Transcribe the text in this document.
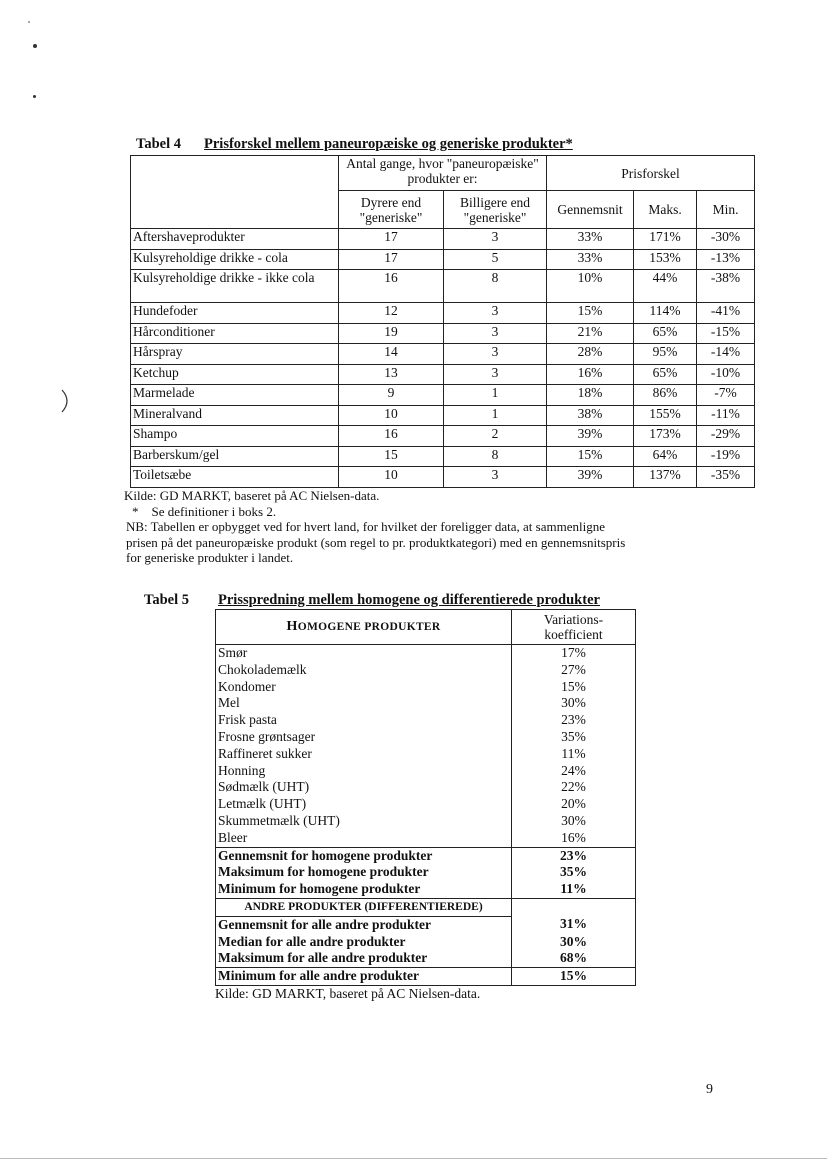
Tabel 4 Prisforskel mellem paneuropæiske og generiske produkter*
	Antal gange, hvor "paneuropæiske" produkter er:		Prisforskel		
	Dyrere end "generiske"	Billigere end "generiske"	Gennemsnit	Maks.	Min.
Aftershaveprodukter	17	3	33%	171%	-30%
Kulsyreholdige drikke - cola	17	5	33%	153%	-13%
Kulsyreholdige drikke - ikke cola	16	8	10%	44%	-38%
Hundefoder	12	3	15%	114%	-41%
Hårconditioner	19	3	21%	65%	-15%
Hårspray	14	3	28%	95%	-14%
Ketchup	13	3	16%	65%	-10%
Marmelade	9	1	18%	86%	-7%
Mineralvand	10	1	38%	155%	-11%
Shampo	16	2	39%	173%	-29%
Barberskum/gel	15	8	15%	64%	-19%
Toiletsæbe	10	3	39%	137%	-35%

Kilde: GD MARKT, baseret på AC Nielsen-data.

*    Se definitioner i boks 2.

NB: Tabellen er opbygget ved for hvert land, for hvilket der foreligger data, at sammenligne

prisen på det paneuropæiske produkt (som regel to pr. produktkategori) med en gennemsnitspris

for generiske produkter i landet.

Tabel 5 Prisspredning mellem homogene og differentierede produkter
HOMOGENE PRODUKTER	Variations-
koefficient
Smør	17%
Chokolademælk	27%
Kondomer	15%
Mel	30%
Frisk pasta	23%
Frosne grøntsager	35%
Raffineret sukker	11%
Honning	24%
Sødmælk (UHT)	22%
Letmælk (UHT)	20%
Skummetmælk (UHT)	30%
Bleer	16%
Gennemsnit for homogene produkter	23%
Maksimum for homogene produkter	35%
Minimum for homogene produkter	11%
ANDRE PRODUKTER (DIFFERENTIEREDE)	
Gennemsnit for alle andre produkter	31%
Median for alle andre produkter	30%
Maksimum for alle andre produkter	68%
Minimum for alle andre produkter	15%
Kilde: GD MARKT, baseret på AC Nielsen-data.
9
